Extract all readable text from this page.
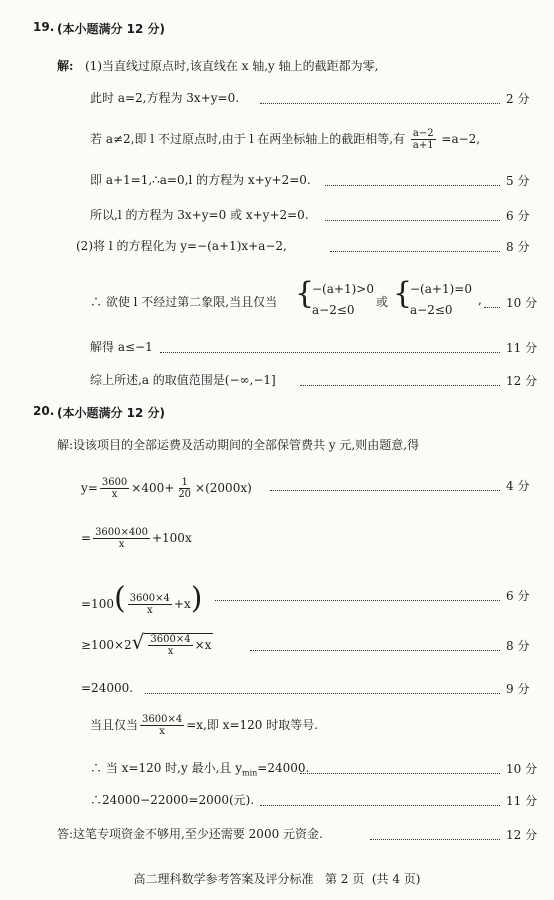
19. (本小题满分 12 分)
解: (1)当直线过原点时,该直线在 x 轴,y 轴上的截距都为零,
此时 a=2,方程为 3x+y=0.	2 分
若 a≠2,即 l 不过原点时,由于 l 在两坐标轴上的截距相等,有 $\frac{a-2}{a+1} =a-2$,
即 a+1=1,∴a=0,l 的方程为 x+y+2=0.	5 分
所以,l 的方程为 3x+y=0 或 x+y+2=0.	6 分
(2)将 l 的方程化为 y=−(a+1)x+a−2,	8 分
∴ 欲使 l 不经过第二象限,当且仅当 {
−(a+1)>0
a−2≤0
或 {
−(a+1)=0
a−2≤0
, 10 分
解得 a≤−1	11 分
综上所述,a 的取值范围是(−∞,−1]	12 分
20. (本小题满分 12 分)
解:设该项目的全部运费及活动期间的全部保管费共 y 元,则由题意,得
$y= \frac{3600}{x} \times 400+ \frac{1}{20} \times(2000x)$	4 分
= $\frac{3600\times 400}{x} +100x$
$=100( \frac{3600\times 4}{x} +x)$	6 分
$\ge 100\times 2√ \frac{3600\times 4}{x} \times x$	8 分
=24000.	9 分
当且仅当 $\frac{3600\times 4}{x} =x$,即 x=120 时取等号.
∴ 当 x=120 时,y 最小,且 $y_{min}=24000$.	10 分
∴24000−22000=2000(元).	11 分
答:这笔专项资金不够用,至少还需要 2000 元资金.	12 分
高二理科数学参考答案及评分标准   第 2 页  (共 4 页)
